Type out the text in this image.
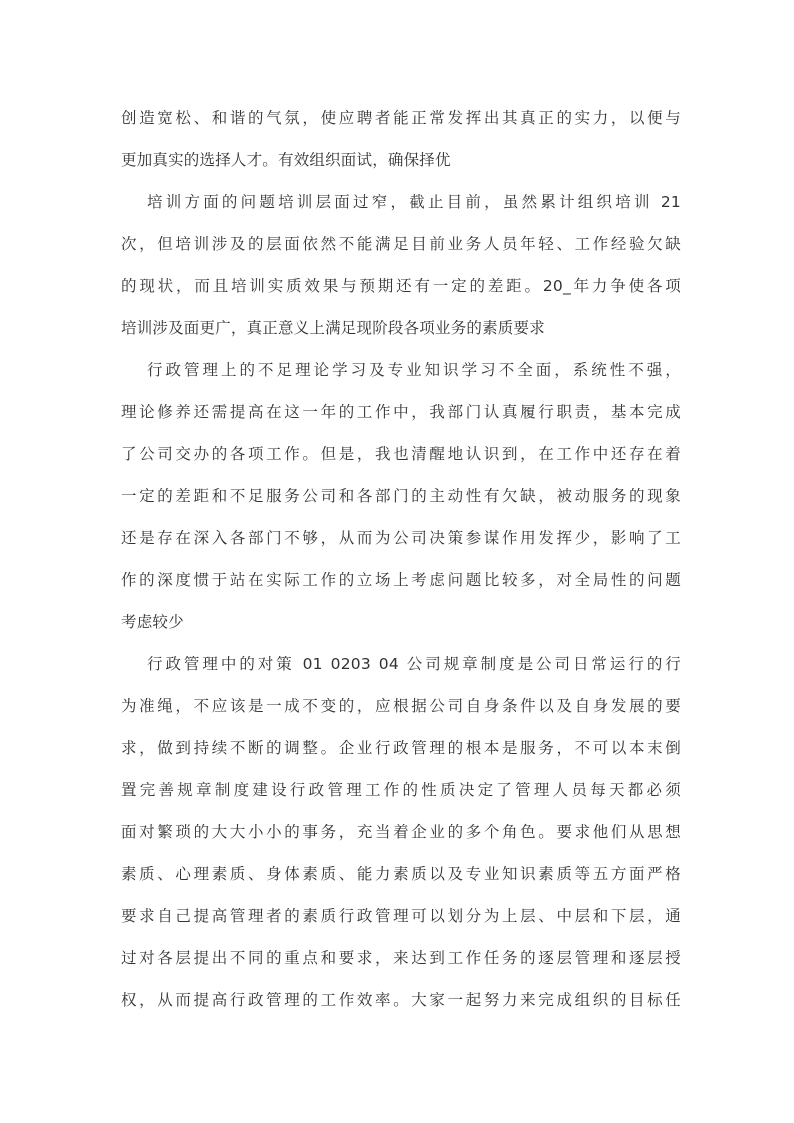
创造宽松、和谐的气氛，使应聘者能正常发挥出其真正的实力，以便与
更加真实的选择人才。有效组织面试，确保择优
培训方面的问题培训层面过窄，截止目前，虽然累计组织培训 21
次，但培训涉及的层面依然不能满足目前业务人员年轻、工作经验欠缺
的现状，而且培训实质效果与预期还有一定的差距。20_年力争使各项
培训涉及面更广，真正意义上满足现阶段各项业务的素质要求
行政管理上的不足理论学习及专业知识学习不全面，系统性不强，
理论修养还需提高在这一年的工作中，我部门认真履行职责，基本完成
了公司交办的各项工作。但是，我也清醒地认识到，在工作中还存在着
一定的差距和不足服务公司和各部门的主动性有欠缺，被动服务的现象
还是存在深入各部门不够，从而为公司决策参谋作用发挥少，影响了工
作的深度惯于站在实际工作的立场上考虑问题比较多，对全局性的问题
考虑较少
行政管理中的对策 01 0203 04 公司规章制度是公司日常运行的行
为准绳，不应该是一成不变的，应根据公司自身条件以及自身发展的要
求，做到持续不断的调整。企业行政管理的根本是服务，不可以本末倒
置完善规章制度建设行政管理工作的性质决定了管理人员每天都必须
面对繁琐的大大小小的事务，充当着企业的多个角色。要求他们从思想
素质、心理素质、身体素质、能力素质以及专业知识素质等五方面严格
要求自己提高管理者的素质行政管理可以划分为上层、中层和下层，通
过对各层提出不同的重点和要求，来达到工作任务的逐层管理和逐层授
权，从而提高行政管理的工作效率。大家一起努力来完成组织的目标任
